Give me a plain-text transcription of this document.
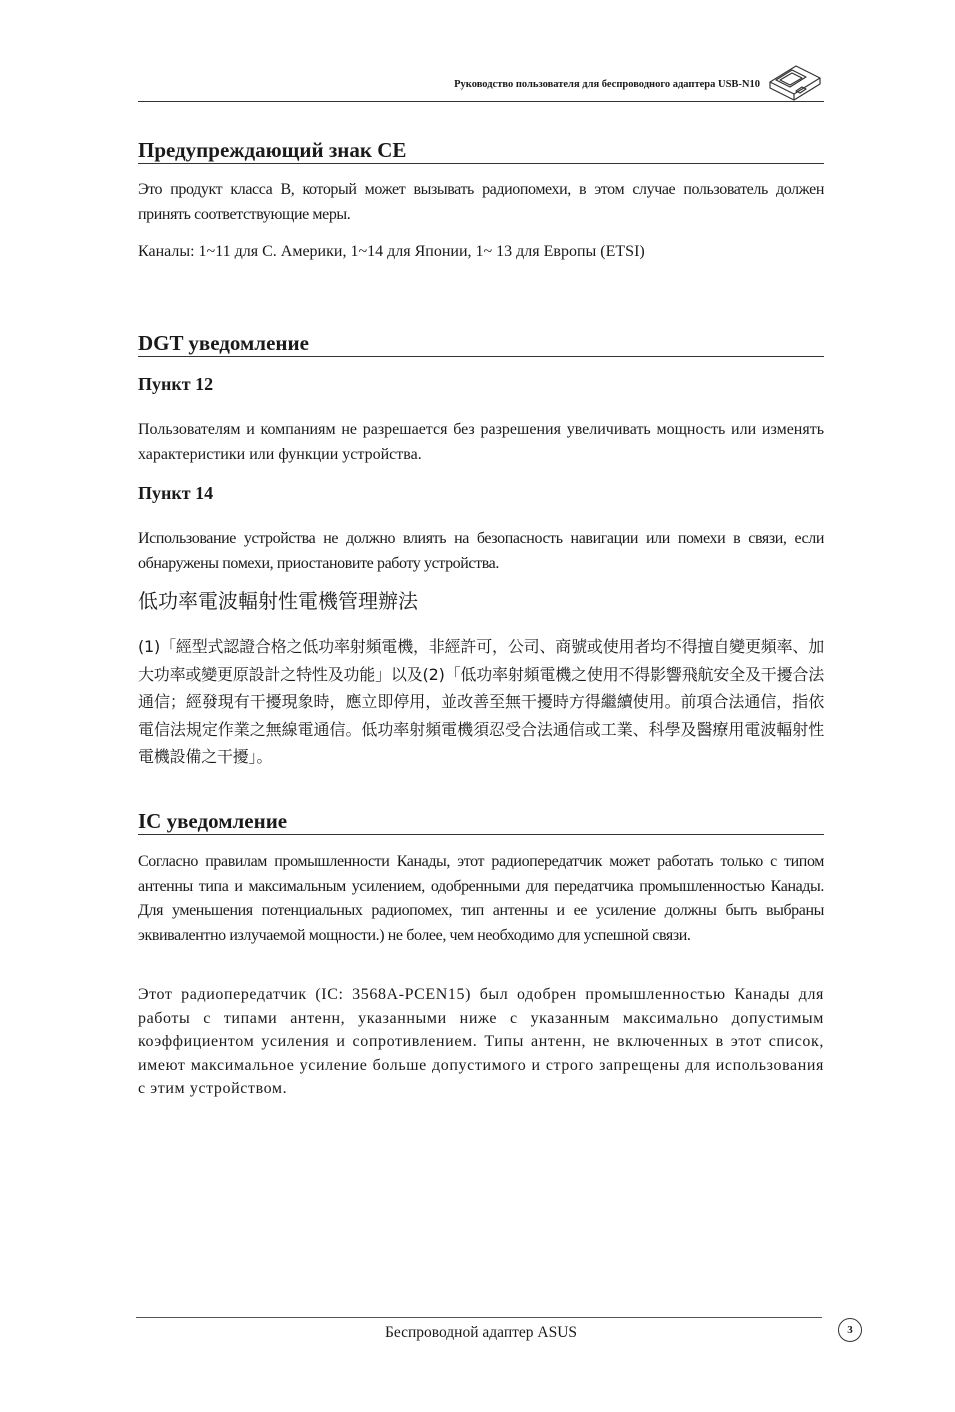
Руководство пользователя для беспроводного адаптера USB-N10
Предупреждающий знак CE

Это продукт класса B, который может вызывать радиопомехи, в этом случае пользователь должен принять соответствующие меры.

Каналы: 1~11 для С. Америки, 1~14 для Японии, 1~ 13 для Европы (ETSI)

DGT уведомление
Пункт 12

Пользователям и компаниям не разрешается без разрешения увеличивать мощность или изменять характеристики или функции устройства.

Пункт 14

Использование устройства не должно влиять на безопасность навигации или помехи в связи, если обнаружены помехи, приостановите работу устройства.

低功率電波輻射性電機管理辦法

(1)「經型式認證合格之低功率射頻電機，非經許可，公司、商號或使用者均不得擅自變更頻率、加大功率或變更原設計之特性及功能」以及(2)「低功率射頻電機之使用不得影響飛航安全及干擾合法通信；經發現有干擾現象時，應立即停用，並改善至無干擾時方得繼續使用。前項合法通信，指依電信法規定作業之無線電通信。低功率射頻電機須忍受合法通信或工業、科學及醫療用電波輻射性電機設備之干擾」。

IC уведомление

Согласно правилам промышленности Канады, этот радиопередатчик может работать только с типом антенны типа и максимальным усилением, одобренными для передатчика промышленностью Канады. Для уменьшения потенциальных радиопомех, тип антенны и ее усиление должны быть выбраны эквивалентно излучаемой мощности.) не более, чем необходимо для успешной связи.

Этот радиопередатчик (IC: 3568A-PCEN15) был одобрен промышленностью Канады для работы с типами антенн, указанными ниже с указанным максимально допустимым коэффициентом усиления и сопротивлением. Типы антенн, не включенных в этот список, имеют максимальное усиление больше допустимого и строго запрещены для использования с этим устройством.

Беспроводной адаптер ASUS	3
